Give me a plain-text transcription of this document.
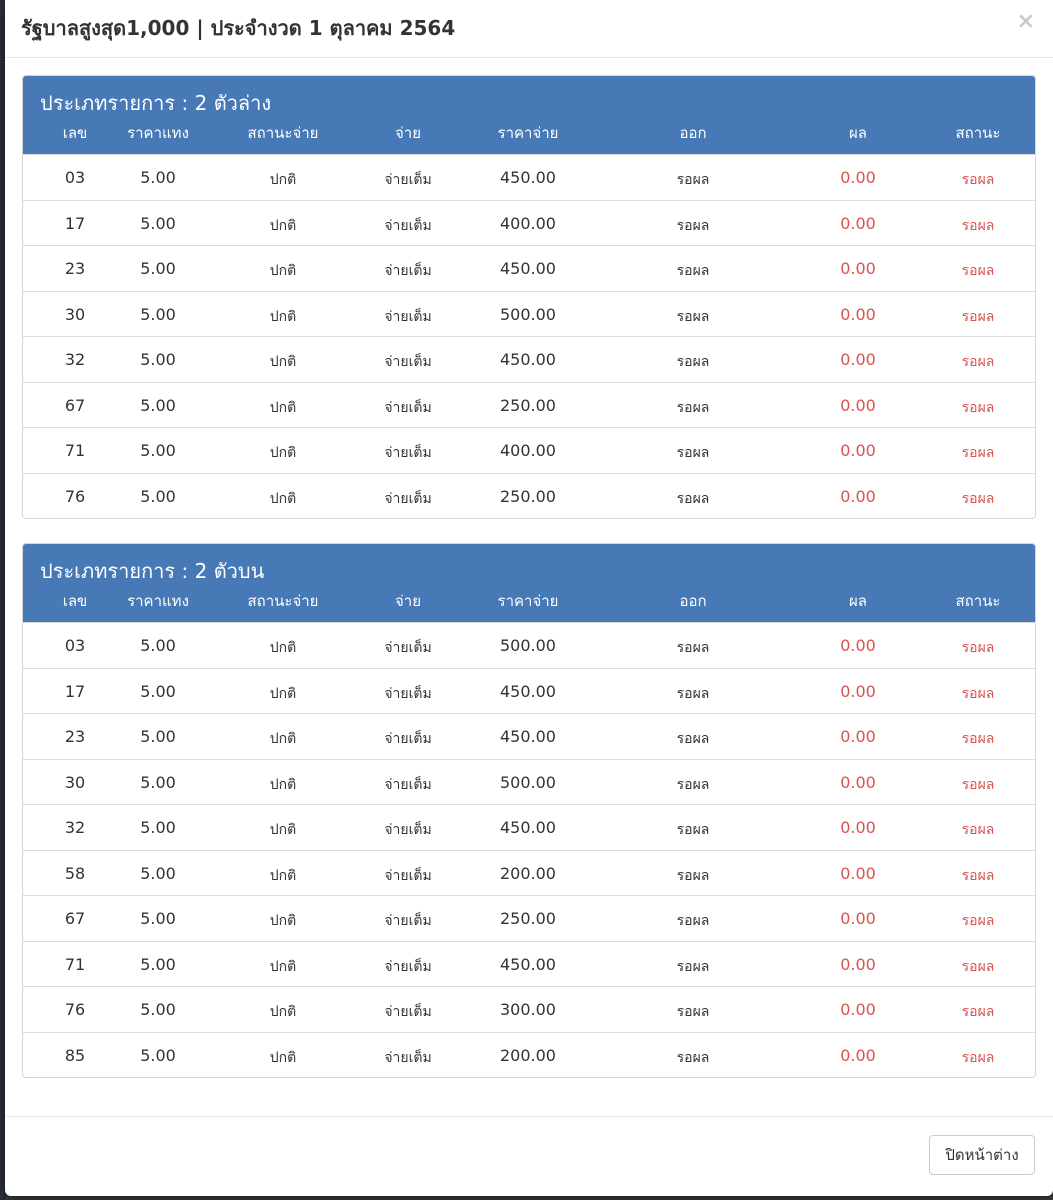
รัฐบาลสูงสุด1,000 | ประจำงวด 1 ตุลาคม 2564	×
ประเภทรายการ : 2 ตัวล่าง
เลข	ราคาแทง	สถานะจ่าย	จ่าย	ราคาจ่าย	ออก	ผล	สถานะ
03	5.00	ปกติ	จ่ายเต็ม	450.00	รอผล	0.00	รอผล
17	5.00	ปกติ	จ่ายเต็ม	400.00	รอผล	0.00	รอผล
23	5.00	ปกติ	จ่ายเต็ม	450.00	รอผล	0.00	รอผล
30	5.00	ปกติ	จ่ายเต็ม	500.00	รอผล	0.00	รอผล
32	5.00	ปกติ	จ่ายเต็ม	450.00	รอผล	0.00	รอผล
67	5.00	ปกติ	จ่ายเต็ม	250.00	รอผล	0.00	รอผล
71	5.00	ปกติ	จ่ายเต็ม	400.00	รอผล	0.00	รอผล
76	5.00	ปกติ	จ่ายเต็ม	250.00	รอผล	0.00	รอผล
ประเภทรายการ : 2 ตัวบน
เลข	ราคาแทง	สถานะจ่าย	จ่าย	ราคาจ่าย	ออก	ผล	สถานะ
03	5.00	ปกติ	จ่ายเต็ม	500.00	รอผล	0.00	รอผล
17	5.00	ปกติ	จ่ายเต็ม	450.00	รอผล	0.00	รอผล
23	5.00	ปกติ	จ่ายเต็ม	450.00	รอผล	0.00	รอผล
30	5.00	ปกติ	จ่ายเต็ม	500.00	รอผล	0.00	รอผล
32	5.00	ปกติ	จ่ายเต็ม	450.00	รอผล	0.00	รอผล
58	5.00	ปกติ	จ่ายเต็ม	200.00	รอผล	0.00	รอผล
67	5.00	ปกติ	จ่ายเต็ม	250.00	รอผล	0.00	รอผล
71	5.00	ปกติ	จ่ายเต็ม	450.00	รอผล	0.00	รอผล
76	5.00	ปกติ	จ่ายเต็ม	300.00	รอผล	0.00	รอผล
85	5.00	ปกติ	จ่ายเต็ม	200.00	รอผล	0.00	รอผล
ปิดหน้าต่าง
